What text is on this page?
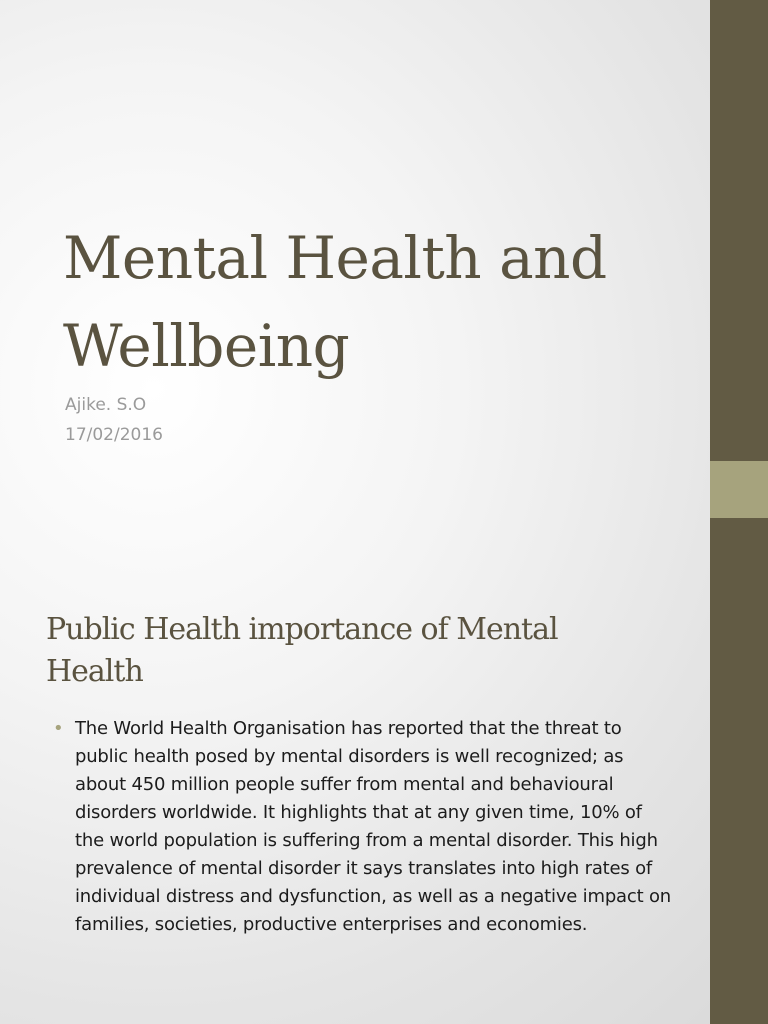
Mental Health and Wellbeing
Ajike. S.O
17/02/2016
Public Health importance of Mental Health
• The World Health Organisation has reported that the threat to public health posed by mental disorders is well recognized; as about 450 million people suffer from mental and behavioural disorders worldwide. It highlights that at any given time, 10% of the world population is suffering from a mental disorder. This high prevalence of mental disorder it says translates into high rates of individual distress and dysfunction, as well as a negative impact on families, societies, productive enterprises and economies.
